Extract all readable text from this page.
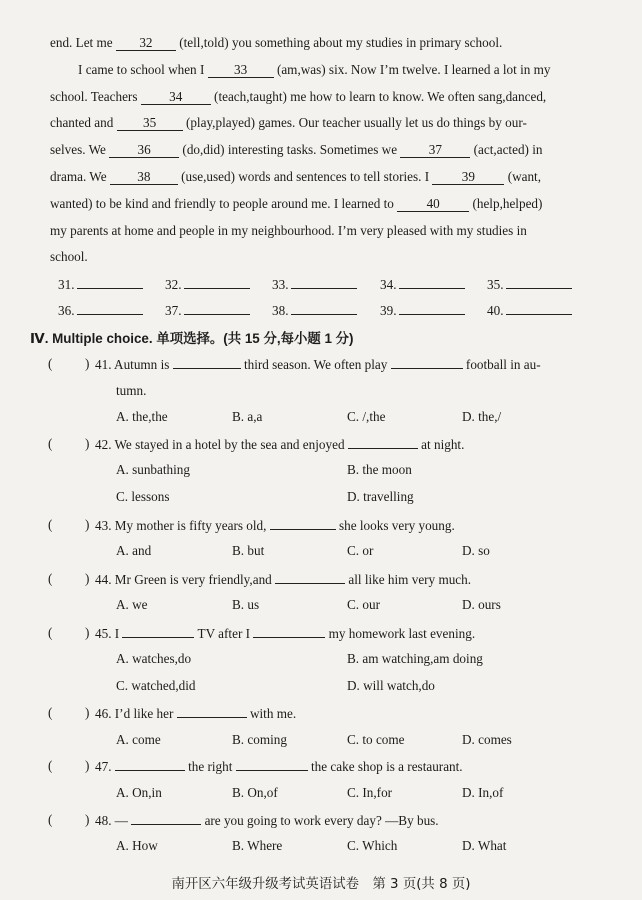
end. Let me 32 (tell,told) you something about my studies in primary school.
I came to school when I 33 (am,was) six. Now I’m twelve. I learned a lot in my
school. Teachers 34 (teach,taught) me how to learn to know. We often sang,danced,
chanted and 35 (play,played) games. Our teacher usually let us do things by our-
selves. We 36 (do,did) interesting tasks. Sometimes we 37 (act,acted) in
drama. We 38 (use,used) words and sentences to tell stories. I 39 (want,
wanted) to be kind and friendly to people around me. I learned to 40 (help,helped)
my parents at home and people in my neighbourhood. I’m very pleased with my studies in
school.
31.	32.	33.	34.	35.
36.	37.	38.	39.	40.
Ⅳ. Multiple choice. 单项选择。(共 15 分,每小题 1 分)
( ) 41. Autumn is	third season. We often play	football in au-
tumn.
A. the,the	B. a,a	C. /,the	D. the,/
( ) 42. We stayed in a hotel by the sea and enjoyed	at night.
A. sunbathing	B. the moon
C. lessons	D. travelling
( ) 43. My mother is fifty years old,	she looks very young.
A. and	B. but	C. or	D. so
( ) 44. Mr Green is very friendly,and	all like him very much.
A. we	B. us	C. our	D. ours
( ) 45. I	TV after I	my homework last evening.
A. watches,do	B. am watching,am doing
C. watched,did	D. will watch,do
( ) 46. I’d like her	with me.
A. come	B. coming	C. to come	D. comes
( ) 47.	the right	the cake shop is a restaurant.
A. On,in	B. On,of	C. In,for	D. In,of
( ) 48. —	are you going to work every day? —By bus.
A. How	B. Where	C. Which	D. What
南开区六年级升级考试英语试卷　第 3 页(共 8 页)
